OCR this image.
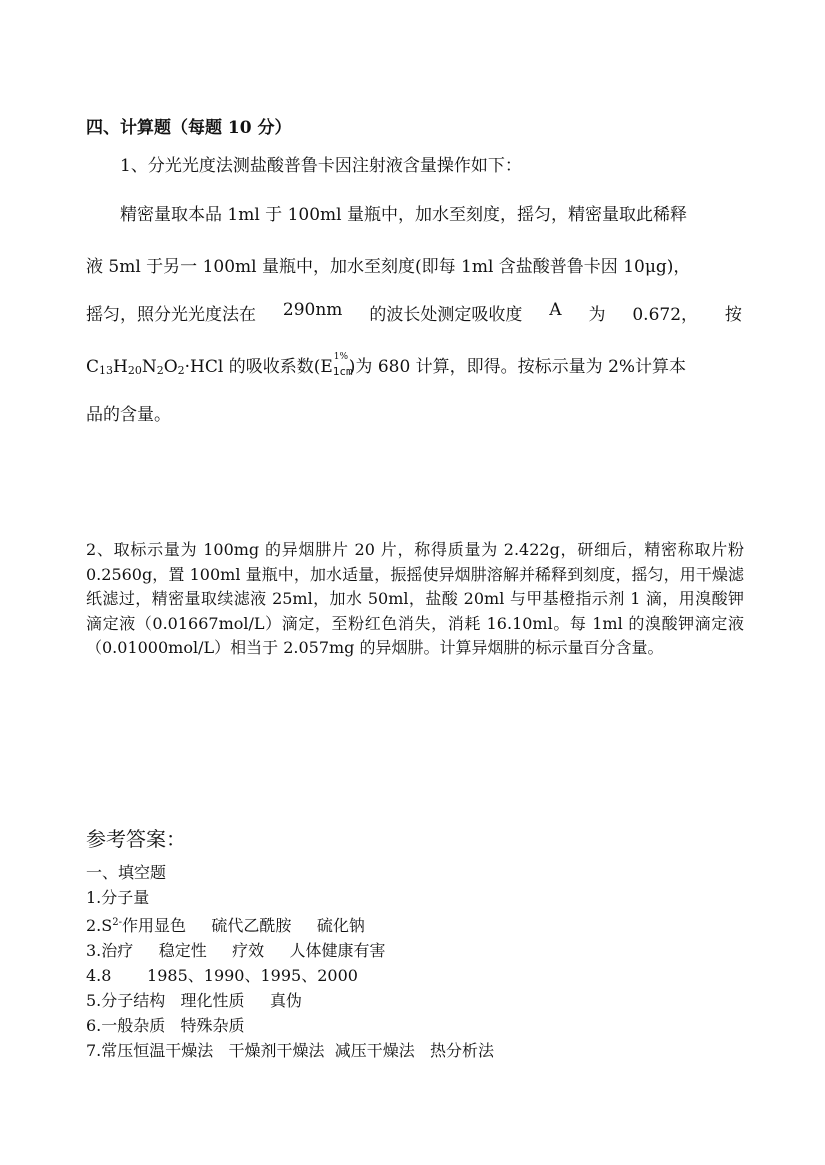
四、计算题（每题 10 分）
1、分光光度法测盐酸普鲁卡因注射液含量操作如下：
精密量取本品 1ml 于 100ml 量瓶中，加水至刻度，摇匀，精密量取此稀释
液 5ml 于另一 100ml 量瓶中，加水至刻度(即每 1ml 含盐酸普鲁卡因 10μg)，
摇匀，照分光光度法在 290nm 的波长处测定吸收度 A 为 0.672， 按
$C_{13}H_{20}N_2O_2\cdot HCl$ 的吸收系数(E 1%
1cm
)为 680 计算，即得。按标示量为 2%计算本
品的含量。

2、取标示量为 100mg 的异烟肼片 20 片，称得质量为 2.422g，研细后，精密称取片粉 0.2560g，置 100ml 量瓶中，加水适量，振摇使异烟肼溶解并稀释到刻度，摇匀，用干燥滤纸滤过，精密量取续滤液 25ml，加水 50ml，盐酸 20ml 与甲基橙指示剂 1 滴，用溴酸钾滴定液（0.01667mol/L）滴定，至粉红色消失，消耗 16.10ml。每 1ml 的溴酸钾滴定液（0.01000mol/L）相当于 2.057mg 的异烟肼。计算异烟肼的标示量百分含量。

参考答案：
一、填空题
1.分子量
$2.S^{2-}$作用显色     硫代乙酰胺     硫化钠
3.治疗     稳定性     疗效     人体健康有害
4.8       1985、1990、1995、2000
5.分子结构   理化性质     真伪
6.一般杂质   特殊杂质
7.常压恒温干燥法   干燥剂干燥法  减压干燥法   热分析法
